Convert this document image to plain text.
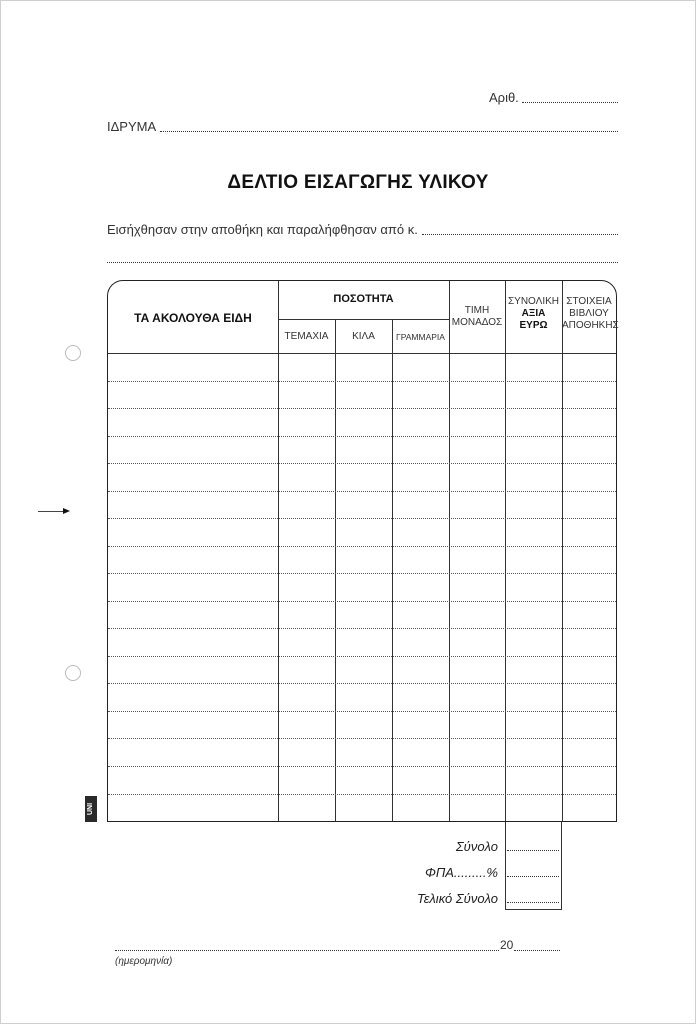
Αριθ.
ΙΔΡΥΜΑ
ΔΕΛΤΙΟ ΕΙΣΑΓΩΓΗΣ ΥΛΙΚΟΥ
Εισήχθησαν στην αποθήκη και παραλήφθησαν από κ.
ΤΑ ΑΚΟΛΟΥΘΑ ΕΙΔΗ
ΠΟΣΟΤΗΤΑ
ΤΕΜΑΧΙΑ	ΚΙΛΑ	ΓΡΑΜΜΑΡΙΑ
ΤΙΜΗ
ΜΟΝΑΔΟΣ
ΣΥΝΟΛΙΚΗ
ΑΞΙΑ
ΕΥΡΩ
ΣΤΟΙΧΕΙΑ
ΒΙΒΛΙΟΥ
ΑΠΟΘΗΚΗΣ
UNI
Σύνολο
ΦΠΑ.........%
Τελικό Σύνολο
20
(ημερομηνία)
